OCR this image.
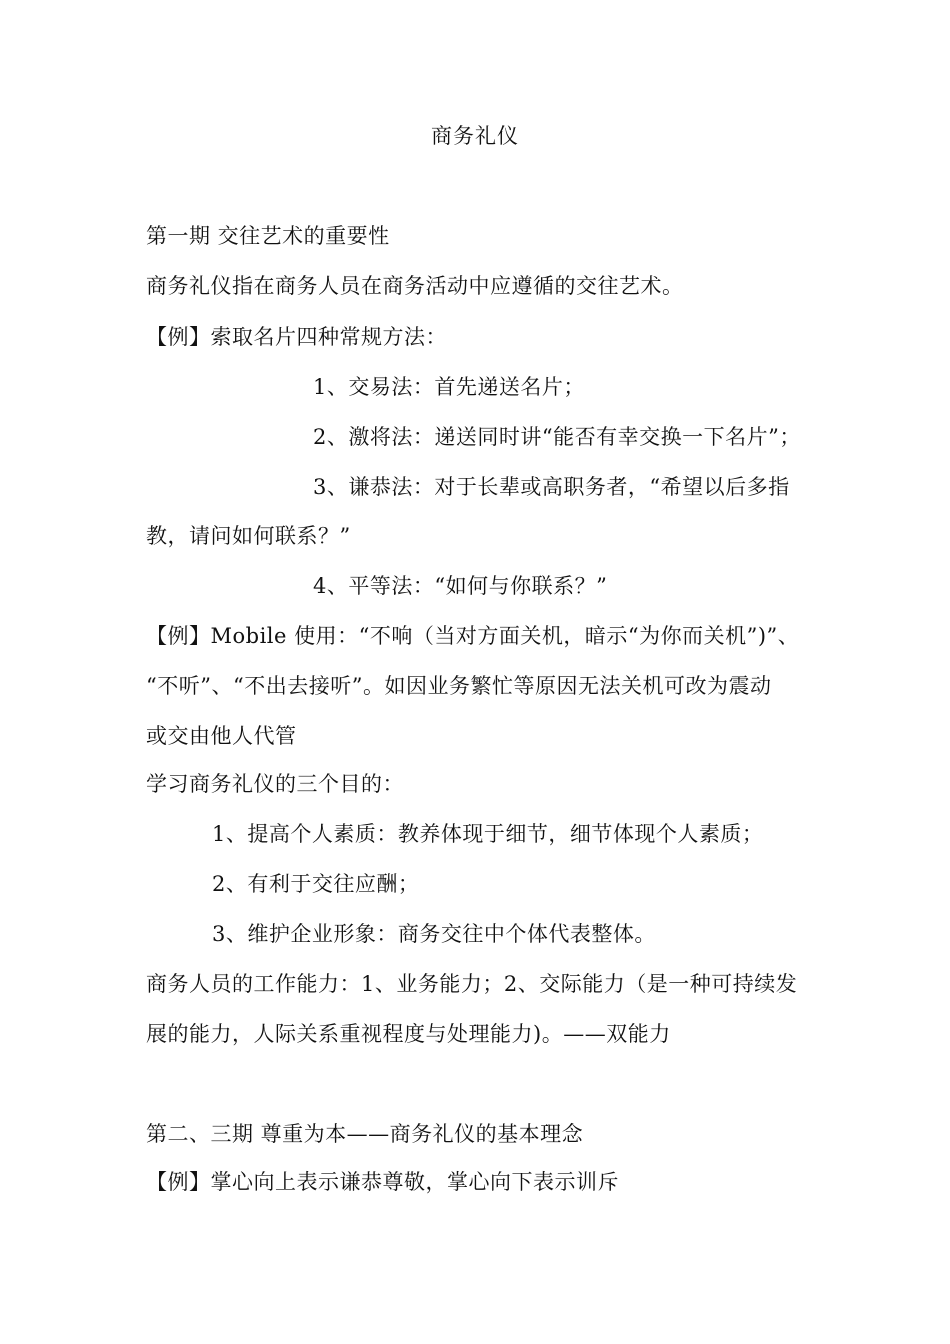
商务礼仪
第一期 交往艺术的重要性
商务礼仪指在商务人员在商务活动中应遵循的交往艺术。
【例】索取名片四种常规方法：
1、交易法：首先递送名片；
2、激将法：递送同时讲“能否有幸交换一下名片”；
3、谦恭法：对于长辈或高职务者，“希望以后多指
教，请问如何联系？”
4、平等法：“如何与你联系？”
【例】Mobile 使用：“不响（当对方面关机，暗示“为你而关机”)”、
“不听”、“不出去接听”。如因业务繁忙等原因无法关机可改为震动
或交由他人代管
学习商务礼仪的三个目的：
1、提高个人素质：教养体现于细节，细节体现个人素质；
2、有利于交往应酬；
3、维护企业形象：商务交往中个体代表整体。
商务人员的工作能力：1、业务能力；2、交际能力（是一种可持续发
展的能力，人际关系重视程度与处理能力)。——双能力
第二、三期 尊重为本——商务礼仪的基本理念
【例】掌心向上表示谦恭尊敬，掌心向下表示训斥
